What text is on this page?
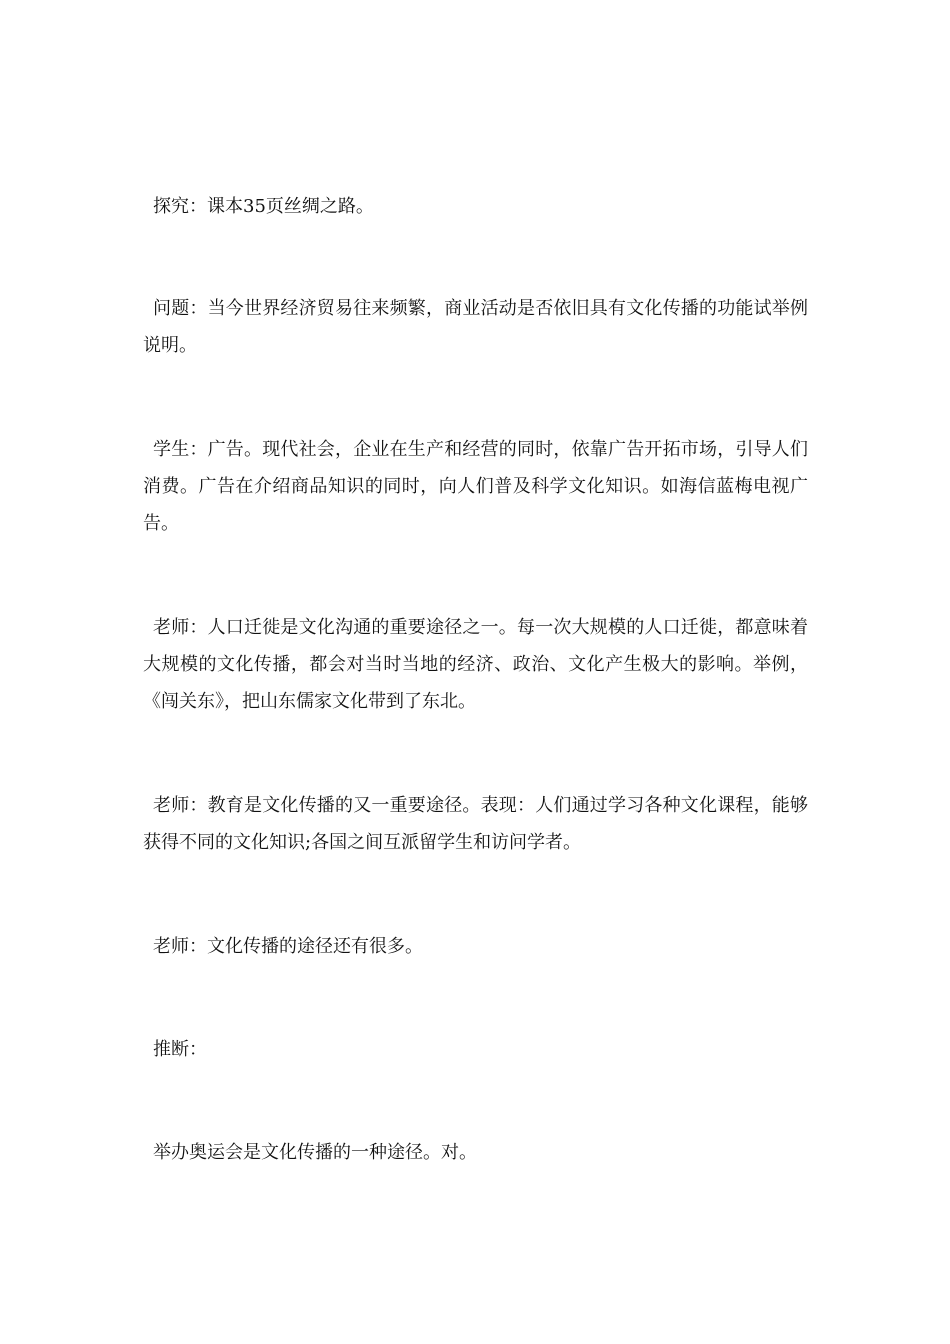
探究：课本35页丝绸之路。

问题：当今世界经济贸易往来频繁，商业活动是否依旧具有文化传播的功能试举例说明。

学生：广告。现代社会，企业在生产和经营的同时，依靠广告开拓市场，引导人们消费。广告在介绍商品知识的同时，向人们普及科学文化知识。如海信蓝梅电视广告。

老师：人口迁徙是文化沟通的重要途径之一。每一次大规模的人口迁徙，都意味着大规模的文化传播，都会对当时当地的经济、政治、文化产生极大的影响。举例，《闯关东》，把山东儒家文化带到了东北。

老师：教育是文化传播的又一重要途径。表现：人们通过学习各种文化课程，能够获得不同的文化知识;各国之间互派留学生和访问学者。

老师：文化传播的途径还有很多。

推断：

举办奥运会是文化传播的一种途径。对。
